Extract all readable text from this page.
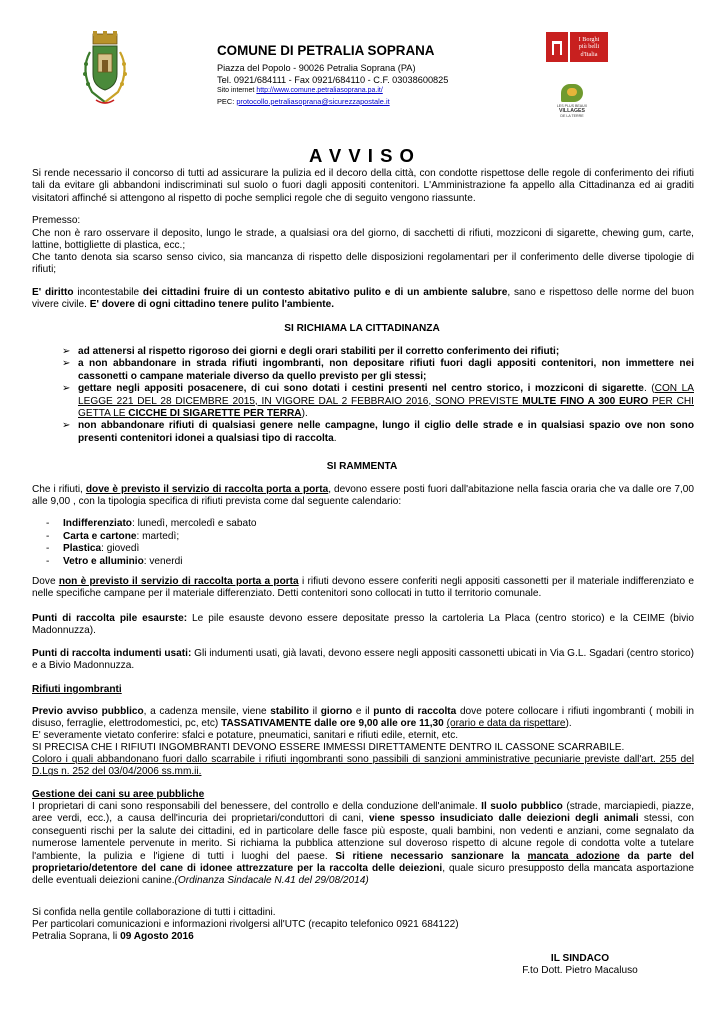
COMUNE DI PETRALIA SOPRANA
Piazza del Popolo - 90026 Petralia Soprana (PA)
Tel. 0921/684111 - Fax 0921/684110 - C.F. 03038600825
Sito internet http://www.comune.petraliasoprana.pa.it/
PEC: protocollo.petraliasoprana@sicurezzapostale.it
I Borghi
più belli
d'Italia
LES PLUS BEAUX
VILLAGES
DE LA TERRE
A V V I S O

Si rende necessario il concorso di tutti ad assicurare la pulizia ed il decoro della città, con condotte rispettose delle regole di conferimento dei rifiuti tali da evitare gli abbandoni indiscriminati sul suolo o fuori dagli appositi contenitori. L'Amministrazione fa appello alla Cittadinanza ed ai graditi visitatori affinché si attengono al rispetto di poche semplici regole che di seguito vengono riassunte.

Premesso:

Che non è raro osservare il deposito, lungo le strade, a qualsiasi ora del giorno, di sacchetti di rifiuti, mozziconi di sigarette, chewing gum, carte, lattine, bottigliette di plastica, ecc.;

Che tanto denota sia scarso senso civico, sia mancanza di rispetto delle disposizioni regolamentari per il conferimento delle diverse tipologie di rifiuti;

E' diritto incontestabile dei cittadini fruire di un contesto abitativo pulito e di un ambiente salubre, sano e rispettoso delle norme del buon vivere civile. E' dovere di ogni cittadino tenere pulito l'ambiente.

SI RICHIAMA LA CITTADINANZA
➢ ad attenersi al rispetto rigoroso dei giorni e degli orari stabiliti per il corretto conferimento dei rifiuti;
➢ a non abbandonare in strada rifiuti ingombranti, non depositare rifiuti fuori dagli appositi contenitori, non immettere nei cassonetti o campane materiale diverso da quello previsto per gli stessi;
➢ gettare negli appositi posacenere, di cui sono dotati i cestini presenti nel centro storico, i mozziconi di sigarette. (CON LA LEGGE 221 DEL 28 DICEMBRE 2015, IN VIGORE DAL 2 FEBBRAIO 2016, SONO PREVISTE MULTE FINO A 300 EURO PER CHI GETTA LE CICCHE DI SIGARETTE PER TERRA).
➢ non abbandonare rifiuti di qualsiasi genere nelle campagne, lungo il ciglio delle strade e in qualsiasi spazio ove non sono presenti contenitori idonei a qualsiasi tipo di raccolta.
SI RAMMENTA

Che i rifiuti, dove è previsto il servizio di raccolta porta a porta, devono essere posti fuori dall'abitazione nella fascia oraria che va dalle ore 7,00 alle 9,00 , con la tipologia specifica di rifiuti prevista come dal seguente calendario:

- Indifferenziato: lunedì, mercoledì e sabato
- Carta e cartone: martedì;
- Plastica: giovedì
- Vetro e alluminio: venerdi

Dove non è previsto il servizio di raccolta porta a porta i rifiuti devono essere conferiti negli appositi cassonetti per il materiale indifferenziato e nelle specifiche campane per il materiale differenziato. Detti contenitori sono collocati in tutto il territorio comunale.

Punti di raccolta pile esaurste: Le pile esauste devono essere depositate presso la cartoleria La Placa (centro storico) e la CEIME (bivio Madonnuzza).

Punti di raccolta indumenti usati: Gli indumenti usati, già lavati, devono essere negli appositi cassonetti ubicati in Via G.L. Sgadari (centro storico) e a Bivio Madonnuzza.

Rifiuti ingombranti

Previo avviso pubblico, a cadenza mensile, viene stabilito il giorno e il punto di raccolta dove potere collocare i rifiuti ingombranti ( mobili in disuso, ferraglie, elettrodomestici, pc, etc) TASSATIVAMENTE dalle ore 9,00 alle ore 11,30 (orario e data da rispettare).

E' severamente vietato conferire: sfalci e potature, pneumatici, sanitari e rifiuti edile, eternit, etc.

SI PRECISA CHE I RIFIUTI INGOMBRANTI DEVONO ESSERE IMMESSI DIRETTAMENTE DENTRO IL CASSONE SCARRABILE.

Coloro i quali abbandonano fuori dallo scarrabile i rifiuti ingombranti sono passibili di sanzioni amministrative pecuniarie previste dall'art. 255 del D.Lgs n. 252 del 03/04/2006 ss.mm.ii.

Gestione dei cani su aree pubbliche

I proprietari di cani sono responsabili del benessere, del controllo e della conduzione dell'animale. Il suolo pubblico (strade, marciapiedi, piazze, aree verdi, ecc.), a causa dell'incuria dei proprietari/conduttori di cani, viene spesso insudiciato dalle deiezioni degli animali stessi, con conseguenti rischi per la salute dei cittadini, ed in particolare delle fasce più esposte, quali bambini, non vedenti e anziani, come segnalato da numerose lamentele pervenute in merito. Si richiama la pubblica attenzione sul doveroso rispetto di alcune regole di condotta volte a tutelare l'ambiente, la pulizia e l'igiene di tutti i luoghi del paese. Si ritiene necessario sanzionare la mancata adozione da parte del proprietario/detentore del cane di idonee attrezzature per la raccolta delle deiezioni, quale sicuro presupposto della mancata asportazione delle eventuali deiezioni canine.(Ordinanza Sindacale N.41 del 29/08/2014)

Si confida nella gentile collaborazione di tutti i cittadini.

Per particolari comunicazioni e informazioni rivolgersi all'UTC (recapito telefonico 0921 684122)

Petralia Soprana, li 09 Agosto 2016

IL SINDACO
F.to Dott. Pietro Macaluso
